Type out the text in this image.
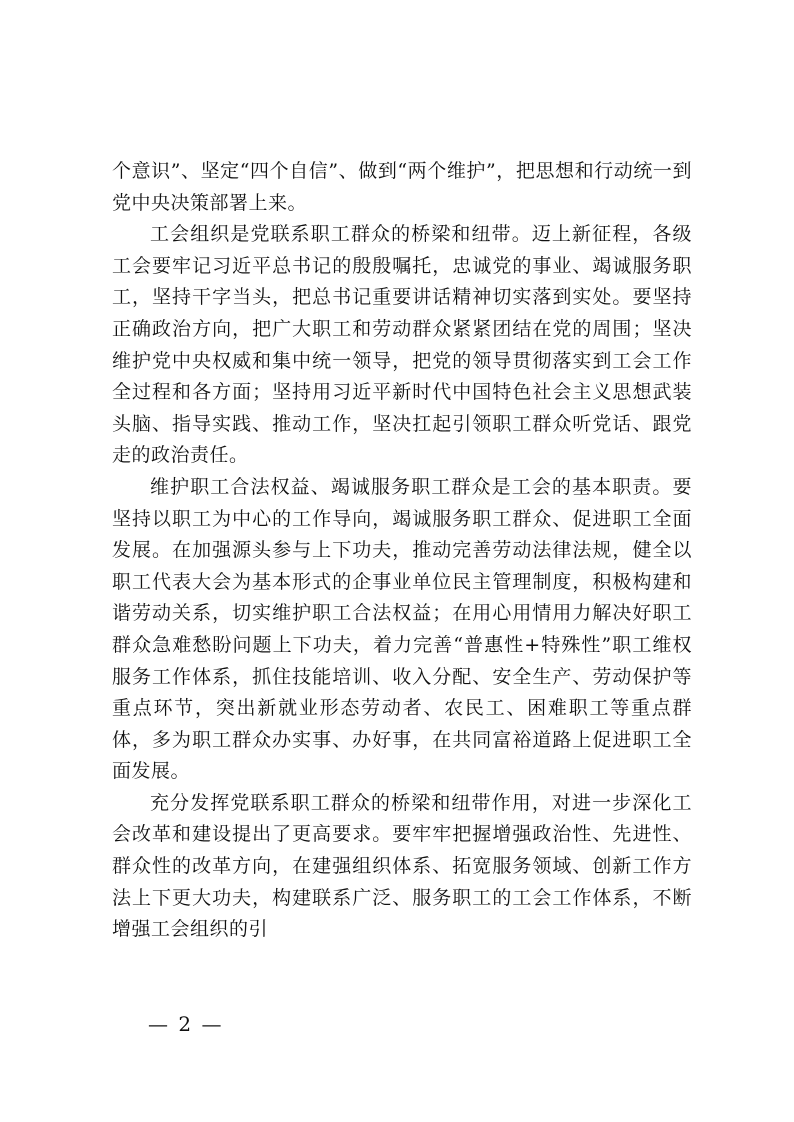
个意识”、坚定“四个自信”、做到“两个维护”，把思想和行动统一到党中央决策部署上来。

工会组织是党联系职工群众的桥梁和纽带。迈上新征程，各级工会要牢记习近平总书记的殷殷嘱托，忠诚党的事业、竭诚服务职工，坚持干字当头，把总书记重要讲话精神切实落到实处。要坚持正确政治方向，把广大职工和劳动群众紧紧团结在党的周围；坚决维护党中央权威和集中统一领导，把党的领导贯彻落实到工会工作全过程和各方面；坚持用习近平新时代中国特色社会主义思想武装头脑、指导实践、推动工作，坚决扛起引领职工群众听党话、跟党走的政治责任。

维护职工合法权益、竭诚服务职工群众是工会的基本职责。要坚持以职工为中心的工作导向，竭诚服务职工群众、促进职工全面发展。在加强源头参与上下功夫，推动完善劳动法律法规，健全以职工代表大会为基本形式的企事业单位民主管理制度，积极构建和谐劳动关系，切实维护职工合法权益；在用心用情用力解决好职工群众急难愁盼问题上下功夫，着力完善“普惠性+特殊性”职工维权服务工作体系，抓住技能培训、收入分配、安全生产、劳动保护等重点环节，突出新就业形态劳动者、农民工、困难职工等重点群体，多为职工群众办实事、办好事，在共同富裕道路上促进职工全面发展。

充分发挥党联系职工群众的桥梁和纽带作用，对进一步深化工会改革和建设提出了更高要求。要牢牢把握增强政治性、先进性、群众性的改革方向，在建强组织体系、拓宽服务领域、创新工作方法上下更大功夫，构建联系广泛、服务职工的工会工作体系，不断增强工会组织的引

— 2 —
